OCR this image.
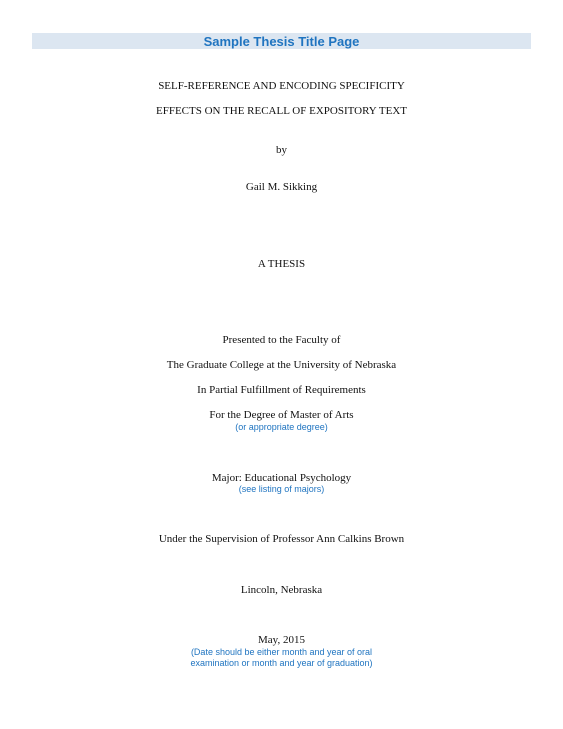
Sample Thesis Title Page
SELF-REFERENCE AND ENCODING SPECIFICITY
EFFECTS ON THE RECALL OF EXPOSITORY TEXT
by
Gail M. Sikking
A THESIS
Presented to the Faculty of
The Graduate College at the University of Nebraska
In Partial Fulfillment of Requirements
For the Degree of Master of Arts
(or appropriate degree)
Major: Educational Psychology
(see listing of majors)
Under the Supervision of Professor Ann Calkins Brown
Lincoln, Nebraska
May, 2015
(Date should be either month and year of oral
examination or month and year of graduation)
